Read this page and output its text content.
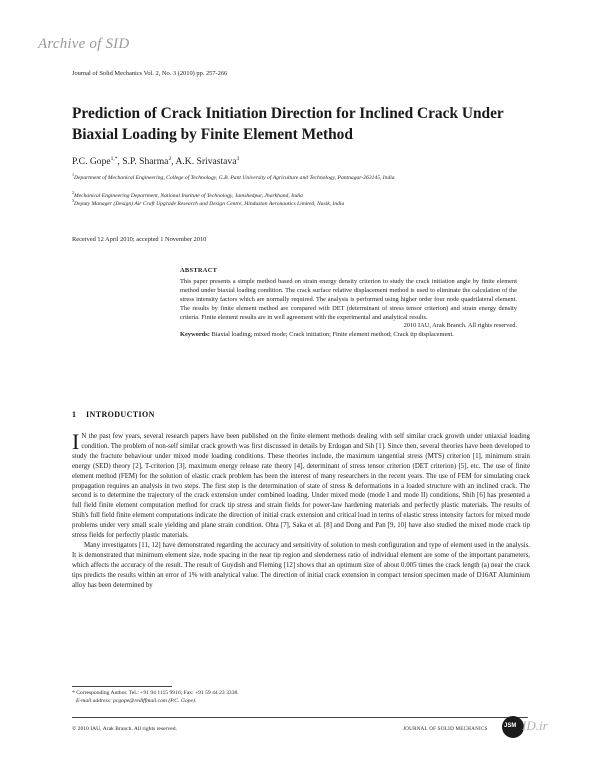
Archive of SID
Journal of Solid Mechanics Vol. 2, No. 3 (2010) pp. 257-266
Prediction of Crack Initiation Direction for Inclined Crack Under Biaxial Loading by Finite Element Method
P.C. Gope$^{1,*}$, S.P. Sharma$^2$, A.K. Srivastava$^3$
$^1$Department of Mechanical Engineering, College of Technology, G.B. Pant University of Agriculture and Technology, Pantnagar-263145, India
$^2$Mechanical Engineering Department, National Institute of Technology, Jamshedpur, Jharkhand, India
$^3$Deputy Manager (Design) Air Craft Upgrade Research and Design Centre, Hindustan Aeronautics Limited, Nasik, India
Received 12 April 2010; accepted 1 November 2010
ABSTRACT
This paper presents a simple method based on strain energy density criterion to study the crack initiation angle by finite element method under biaxial loading condition. The crack surface relative displacement method is used to eliminate the calculation of the stress intensity factors which are normally required. The analysis is performed using higher order four node quadrilateral element. The results by finite element method are compared with DET (determinant of stress tensor criterion) and strain energy density criteria. Finite element results are in well agreement with the experimental and analytical results.
2010 IAU, Arak Branch. All rights reserved.
Keywords: Biaxial loading; mixed mode; Crack initiation; Finite element method; Crack tip displacement.
1 INTRODUCTION
I N the past few years, several research papers have been published on the finite element methods dealing with self similar crack growth under uniaxial loading condition. The problem of non-self similar crack growth was first discussed in details by Erdogan and Sih [1]. Since then, several theories have been developed to study the fracture behaviour under mixed mode loading conditions. These theories include, the maximum tangential stress (MTS) criterion [1], minimum strain energy (SED) theory [2], T-criterion [3], maximum energy release rate theory [4], determinant of stress tensor criterion (DET criterion) [5], etc. The use of finite element method (FEM) for the solution of elastic crack problem has been the interest of many researchers in the recent years. The use of FEM for simulating crack propagation requires an analysis in two steps. The first step is the determination of state of stress & deformations in a loaded structure with an inclined crack. The second is to determine the trajectory of the crack extension under combined loading. Under mixed mode (mode I and mode II) conditions, Shih [6] has presented a full field finite element computation method for crack tip stress and strain fields for power-law hardening materials and perfectly plastic materials. The results of Shih's full field finite element computations indicate the direction of initial crack extension and critical load in terms of elastic stress intensity factors for mixed mode problems under very small scale yielding and plane strain condition. Ohta [7], Saka et al. [8] and Dong and Pan [9, 10] have also studied the mixed mode crack tip stress fields for perfectly plastic materials.
Many investigators [11, 12] have demonstrated regarding the accuracy and sensitivity of solution to mesh configuration and type of element used in the analysis. It is demonstrated that minimum element size, node spacing in the near tip region and slenderness ratio of individual element are some of the important parameters, which affects the accuracy of the result. The result of Guydish and Fleming [12] shows that an optimum size of about 0.005 times the crack length (a) near the crack tips predicts the results within an error of 1% with analytical value. The direction of initial crack extension in compact tension specimen made of D16AT Aluminium alloy has been determined by
* Corresponding Author. Tel.: +91 94 1115 9916; Fax: +91 59 44 23 3338.
E-mail address: pcgope@rediffmail.com (P.C. Gope).
© 2010 IAU, Arak Branch. All rights reserved.	JOURNAL OF SOLID MECHANICS
JSM ID.ir
